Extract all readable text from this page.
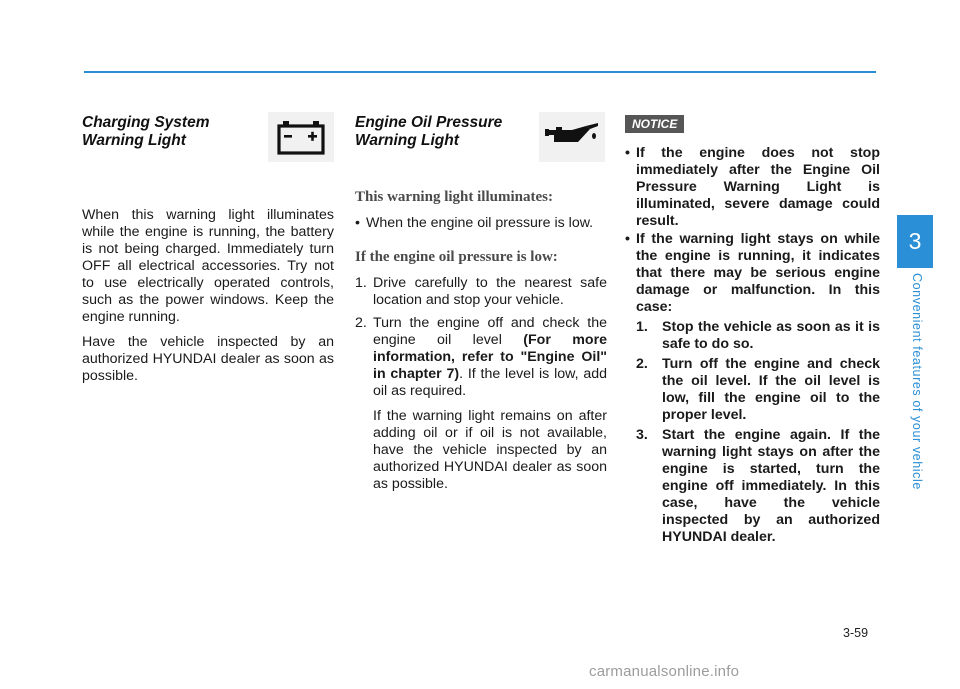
Charging System
Warning Light

When this warning light illuminates while the engine is running, the battery is not being charged. Immediately turn OFF all electrical accessories. Try not to use electrically operated controls, such as the power windows. Keep the engine running.

Have the vehicle inspected by an authorized HYUNDAI dealer as soon as possible.

Engine Oil Pressure
Warning Light

This warning light illuminates:

• When the engine oil pressure is low.

If the engine oil pressure is low:

1. Drive carefully to the nearest safe location and stop your vehicle.
2. Turn the engine off and check the engine oil level (For more information, refer to "Engine Oil" in chapter 7). If the level is low, add oil as required.
If the warning light remains on after adding oil or if oil is not available, have the vehicle inspected by an authorized HYUNDAI dealer as soon as possible.
NOTICE
• If the engine does not stop immediately after the Engine Oil Pressure Warning Light is illuminated, severe damage could result.
• If the warning light stays on while the engine is running, it indicates that there may be serious engine damage or malfunction. In this case:
1. Stop the vehicle as soon as it is safe to do so.
2. Turn off the engine and check the oil level. If the oil level is low, fill the engine oil to the proper level.
3. Start the engine again. If the warning light stays on after the engine is started, turn the engine off immediately. In this case, have the vehicle inspected by an authorized HYUNDAI dealer.
3
Convenient features of your vehicle
3-59
carmanualsonline.info
